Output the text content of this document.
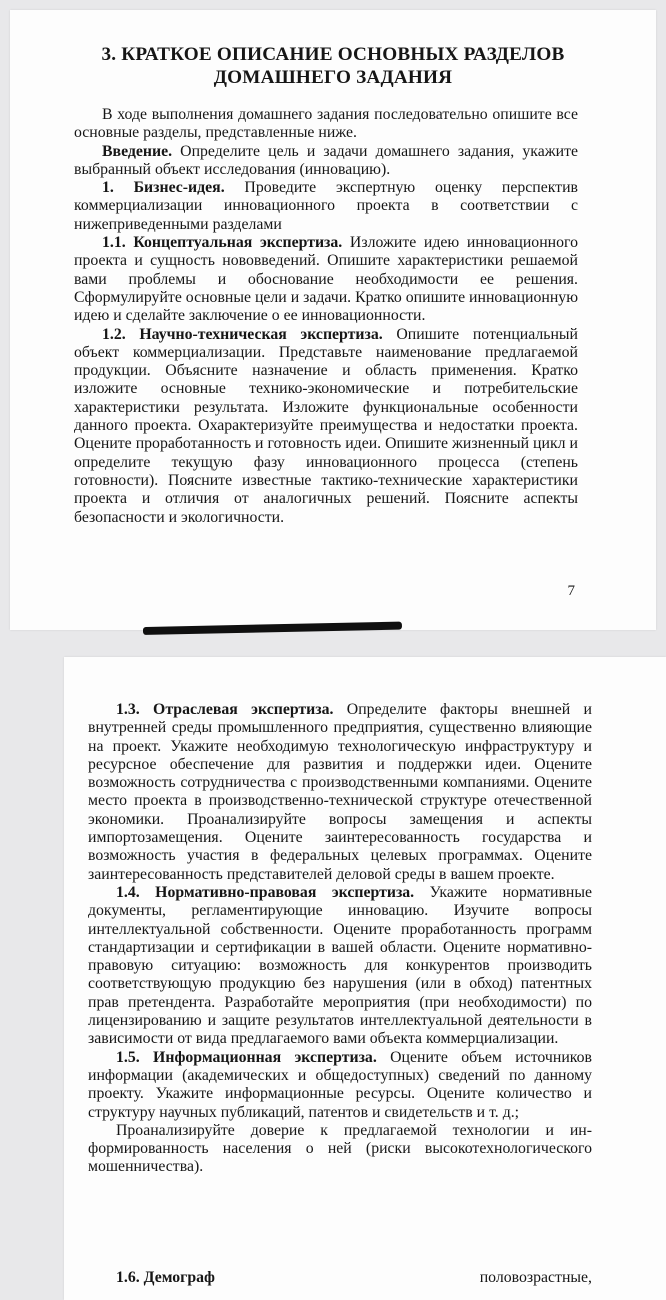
3. КРАТКОЕ ОПИСАНИЕ ОСНОВНЫХ РАЗДЕЛОВ
ДОМАШНЕГО ЗАДАНИЯ

В ходе выполнения домашнего задания последовательно опишите все основные разделы, представленные ниже.

Введение. Определите цель и задачи домашнего задания, укажите выбранный объект исследования (инновацию).

1. Бизнес-идея. Проведите экспертную оценку перспектив коммерциализации инновационного проекта в соответствии с нижеприведенными разделами

1.1. Концептуальная экспертиза. Изложите идею инновационного проекта и сущность нововведений. Опишите характеристики решаемой вами проблемы и обоснование необходимости ее решения. Сформулируйте основные цели и задачи. Кратко опишите инновационную идею и сделайте заключение о ее инновационности.

1.2. Научно-техническая экспертиза. Опишите потенциальный объект коммерциализации. Представьте наименование предлагаемой продукции. Объясните назначение и область применения. Кратко изложите основные технико-экономические и потребительские характеристики результата. Изложите функциональные особенности данного проекта. Охарактеризуйте преимущества и недостатки проекта. Оцените проработанность и готовность идеи. Опишите жизненный цикл и определите текущую фазу инновационного процесса (степень готовности). Поясните известные тактико-технические характеристики проекта и отличия от аналогичных решений. Поясните аспекты безопасности и экологичности.

7

1.3. Отраслевая экспертиза. Определите факторы внешней и внутренней среды промышленного предприятия, существенно влияющие на проект. Укажите необходимую технологическую инфраструктуру и ресурсное обеспечение для развития и поддержки идеи. Оцените возможность сотрудничества с производственными компаниями. Оцените место проекта в производственно-технической структуре отечественной экономики. Проанализируйте вопросы замещения и аспекты импортозамещения. Оцените заинтересованность государства и возможность участия в федеральных целевых программах. Оцените заинтересованность представителей деловой среды в вашем проекте.

1.4. Нормативно-правовая экспертиза. Укажите нормативные документы, регламентирующие инновацию. Изучите вопросы интеллектуальной собственности. Оцените проработанность программ стандартизации и сертификации в вашей области. Оцените нормативно-правовую ситуацию: возможность для конкурентов производить соответствующую продукцию без нарушения (или в обход) патентных прав претендента. Разработайте мероприятия (при необходимости) по лицензированию и защите результатов интеллектуальной деятельности в зависимости от вида предлагаемого вами объекта коммерциализации.

1.5. Информационная экспертиза. Оцените объем источников информации (академических и общедоступных) сведений по данному проекту. Укажите информационные ресурсы. Оцените количество и структуру научных публикаций, патентов и свидетельств и т. д.;

Проанализируйте доверие к предлагаемой технологии и информированность населения о ней (риски высокотехнологического мошенничества).

1.6. Демограф	половозрастные,
